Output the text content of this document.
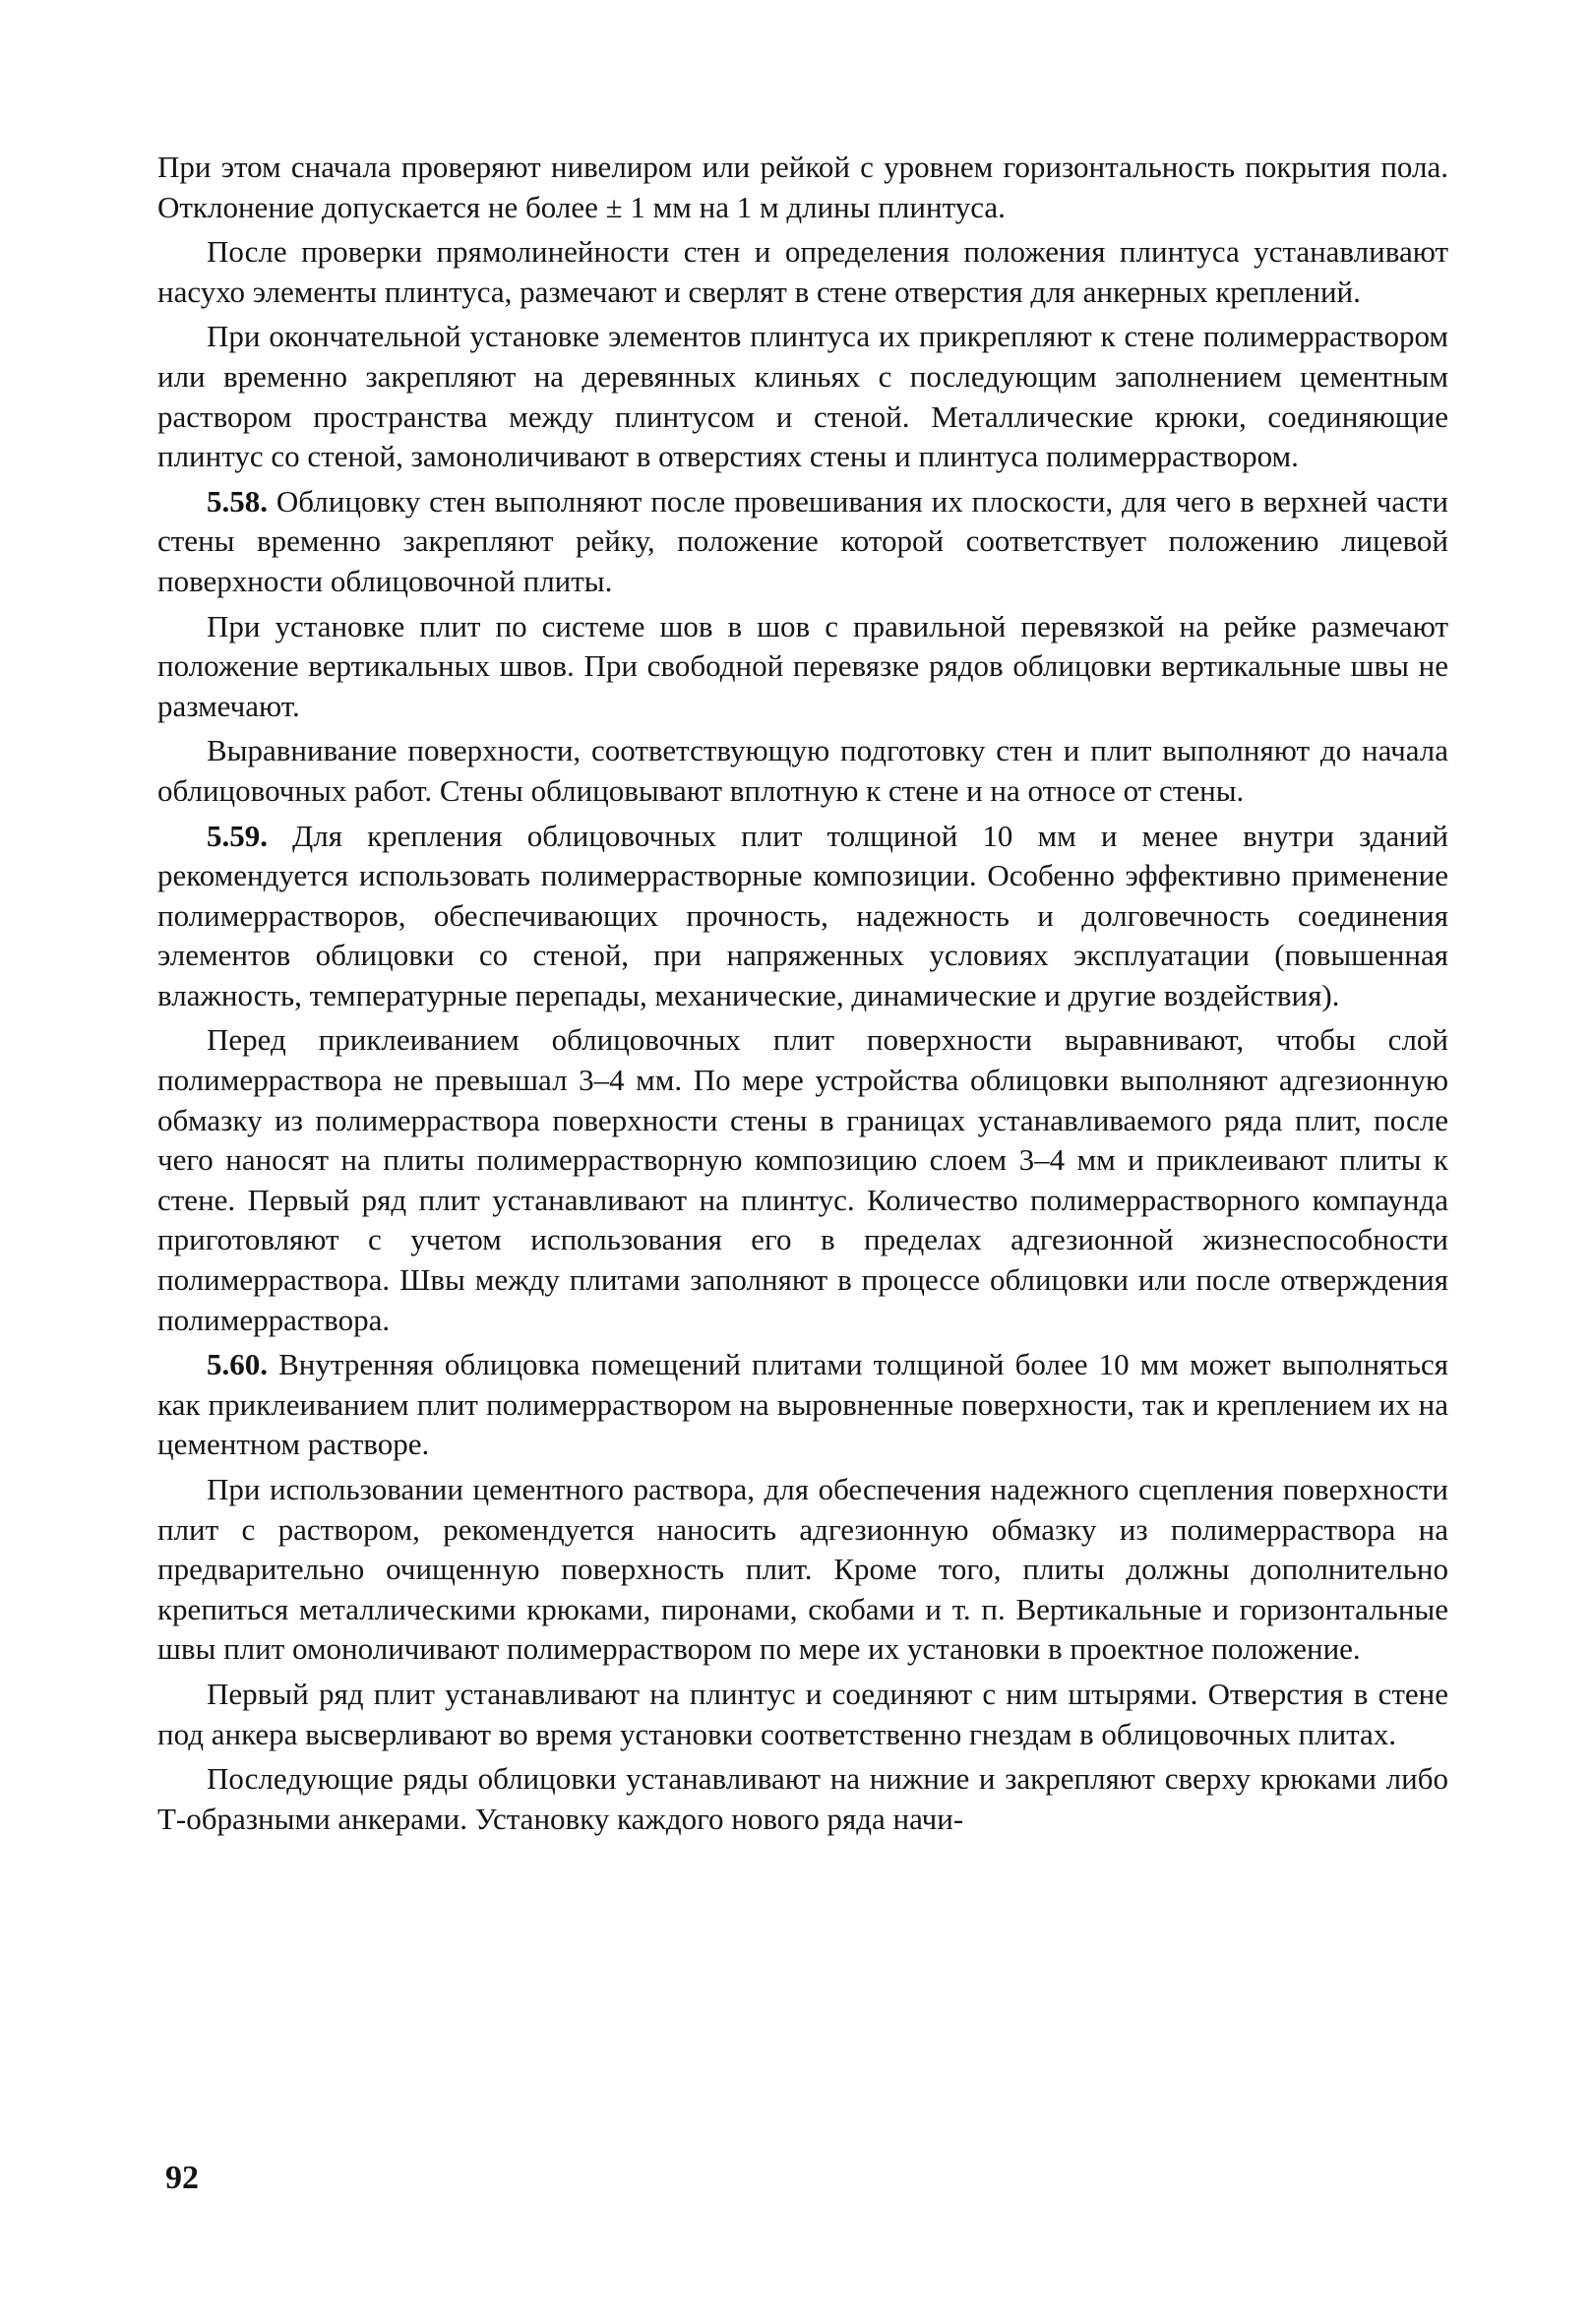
При этом сначала проверяют нивелиром или рейкой с уровнем горизонтальность покрытия пола. Отклонение допускается не более ± 1 мм на 1 м длины плинтуса.

После проверки прямолинейности стен и определения положения плинтуса устанавливают насухо элементы плинтуса, размечают и сверлят в стене отверстия для анкерных креплений.

При окончательной установке элементов плинтуса их прикрепляют к стене полимерраствором или временно закрепляют на деревянных клиньях с последующим заполнением цементным раствором пространства между плинтусом и стеной. Металлические крюки, соединяющие плинтус со стеной, замоноличивают в отверстиях стены и плинтуса полимерраствором.

5.58. Облицовку стен выполняют после провешивания их плоскости, для чего в верхней части стены временно закрепляют рейку, положение которой соответствует положению лицевой поверхности облицовочной плиты.

При установке плит по системе шов в шов с правильной перевязкой на рейке размечают положение вертикальных швов. При свободной перевязке рядов облицовки вертикальные швы не размечают.

Выравнивание поверхности, соответствующую подготовку стен и плит выполняют до начала облицовочных работ. Стены облицовывают вплотную к стене и на относе от стены.

5.59. Для крепления облицовочных плит толщиной 10 мм и менее внутри зданий рекомендуется использовать полимеррастворные композиции. Особенно эффективно применение полимеррастворов, обеспечивающих прочность, надежность и долговечность соединения элементов облицовки со стеной, при напряженных условиях эксплуатации (повышенная влажность, температурные перепады, механические, динамические и другие воздействия).

Перед приклеиванием облицовочных плит поверхности выравнивают, чтобы слой полимерраствора не превышал 3–4 мм. По мере устройства облицовки выполняют адгезионную обмазку из полимерраствора поверхности стены в границах устанавливаемого ряда плит, после чего наносят на плиты полимеррастворную композицию слоем 3–4 мм и приклеивают плиты к стене. Первый ряд плит устанавливают на плинтус. Количество полимеррастворного компаунда приготовляют с учетом использования его в пределах адгезионной жизнеспособности полимерраствора. Швы между плитами заполняют в процессе облицовки или после отверждения полимерраствора.

5.60. Внутренняя облицовка помещений плитами толщиной более 10 мм может выполняться как приклеиванием плит полимерраствором на выровненные поверхности, так и креплением их на цементном растворе.

При использовании цементного раствора, для обеспечения надежного сцепления поверхности плит с раствором, рекомендуется наносить адгезионную обмазку из полимерраствора на предварительно очищенную поверхность плит. Кроме того, плиты должны дополнительно крепиться металлическими крюками, пиронами, скобами и т. п. Вертикальные и горизонтальные швы плит омоноличивают полимерраствором по мере их установки в проектное положение.

Первый ряд плит устанавливают на плинтус и соединяют с ним штырями. Отверстия в стене под анкера высверливают во время установки соответственно гнездам в облицовочных плитах.

Последующие ряды облицовки устанавливают на нижние и закрепляют сверху крюками либо Т-образными анкерами. Установку каждого нового ряда начи-

92
